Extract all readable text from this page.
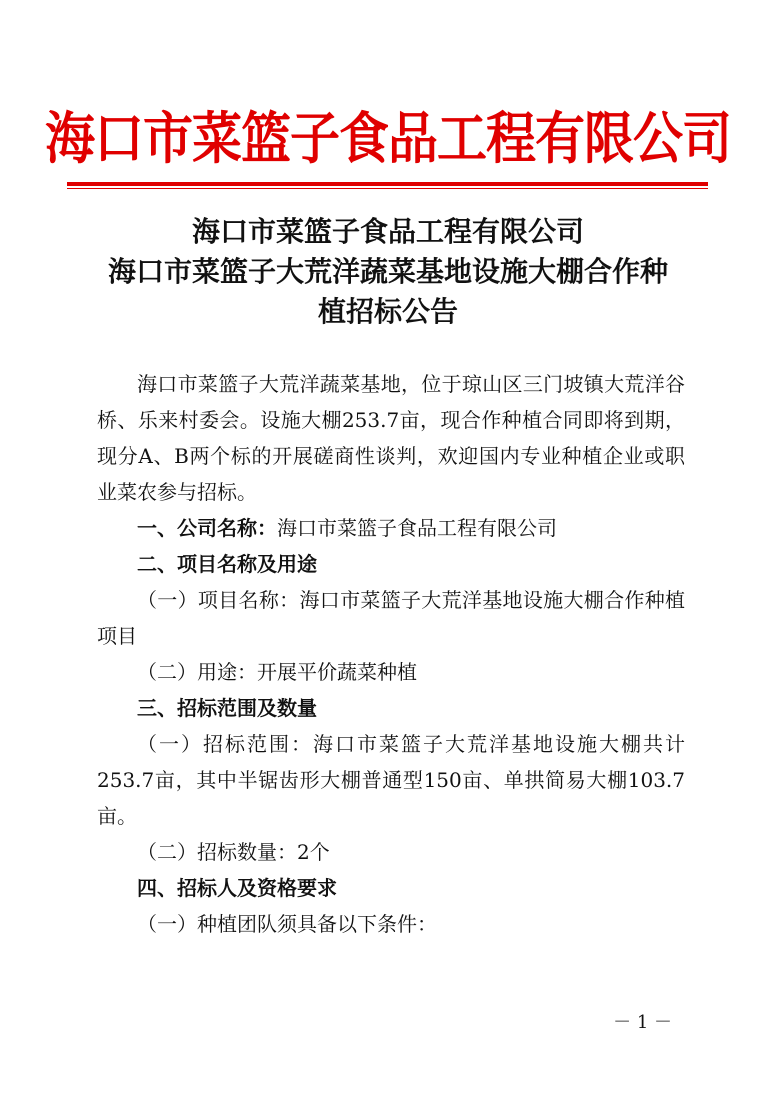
海口市菜篮子食品工程有限公司
海口市菜篮子食品工程有限公司
海口市菜篮子大荒洋蔬菜基地设施大棚合作种
植招标公告

海口市菜篮子大荒洋蔬菜基地，位于琼山区三门坡镇大荒洋谷桥、乐来村委会。设施大棚253.7亩，现合作种植合同即将到期，现分A、B两个标的开展磋商性谈判，欢迎国内专业种植企业或职业菜农参与招标。

一、公司名称：海口市菜篮子食品工程有限公司

二、项目名称及用途

（一）项目名称：海口市菜篮子大荒洋基地设施大棚合作种植项目

（二）用途：开展平价蔬菜种植

三、招标范围及数量

（一）招标范围：海口市菜篮子大荒洋基地设施大棚共计253.7亩，其中半锯齿形大棚普通型150亩、单拱简易大棚103.7亩。

（二）招标数量：2个

四、招标人及资格要求

（一）种植团队须具备以下条件：

－ 1 －
